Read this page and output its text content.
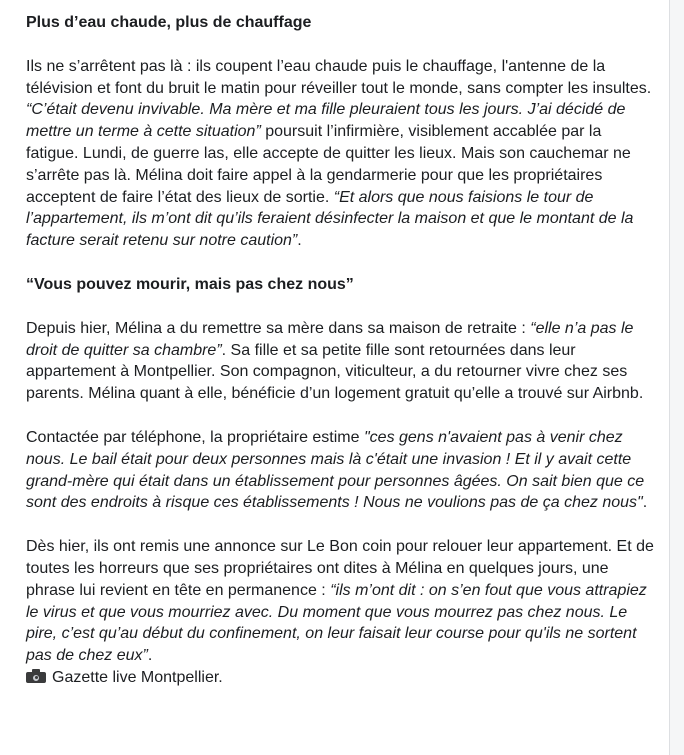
Plus d’eau chaude, plus de chauffage

Ils ne s’arrêtent pas là : ils coupent l’eau chaude puis le chauffage, l'antenne de la télévision et font du bruit le matin pour réveiller tout le monde, sans compter les insultes. “C’était devenu invivable. Ma mère et ma fille pleuraient tous les jours. J’ai décidé de mettre un terme à cette situation” poursuit l’infirmière, visiblement accablée par la fatigue. Lundi, de guerre las, elle accepte de quitter les lieux. Mais son cauchemar ne s’arrête pas là. Mélina doit faire appel à la gendarmerie pour que les propriétaires acceptent de faire l’état des lieux de sortie. “Et alors que nous faisions le tour de l’appartement, ils m’ont dit qu’ils feraient désinfecter la maison et que le montant de la facture serait retenu sur notre caution”.

“Vous pouvez mourir, mais pas chez nous”

Depuis hier, Mélina a du remettre sa mère dans sa maison de retraite : “elle n’a pas le droit de quitter sa chambre”. Sa fille et sa petite fille sont retournées dans leur appartement à Montpellier. Son compagnon, viticulteur, a du retourner vivre chez ses parents. Mélina quant à elle, bénéficie d’un logement gratuit qu’elle a trouvé sur Airbnb.

Contactée par téléphone, la propriétaire estime "ces gens n'avaient pas à venir chez nous. Le bail était pour deux personnes mais là c'était une invasion ! Et il y avait cette grand-mère qui était dans un établissement pour personnes âgées. On sait bien que ce sont des endroits à risque ces établissements ! Nous ne voulions pas de ça chez nous".

Dès hier, ils ont remis une annonce sur Le Bon coin pour relouer leur appartement. Et de toutes les horreurs que ses propriétaires ont dites à Mélina en quelques jours, une phrase lui revient en tête en permanence : “ils m’ont dit : on s’en fout que vous attrapiez le virus et que vous mourriez avec. Du moment que vous mourrez pas chez nous. Le pire, c’est qu’au début du confinement, on leur faisait leur course pour qu'ils ne sortent pas de chez eux”.

Gazette live Montpellier.
